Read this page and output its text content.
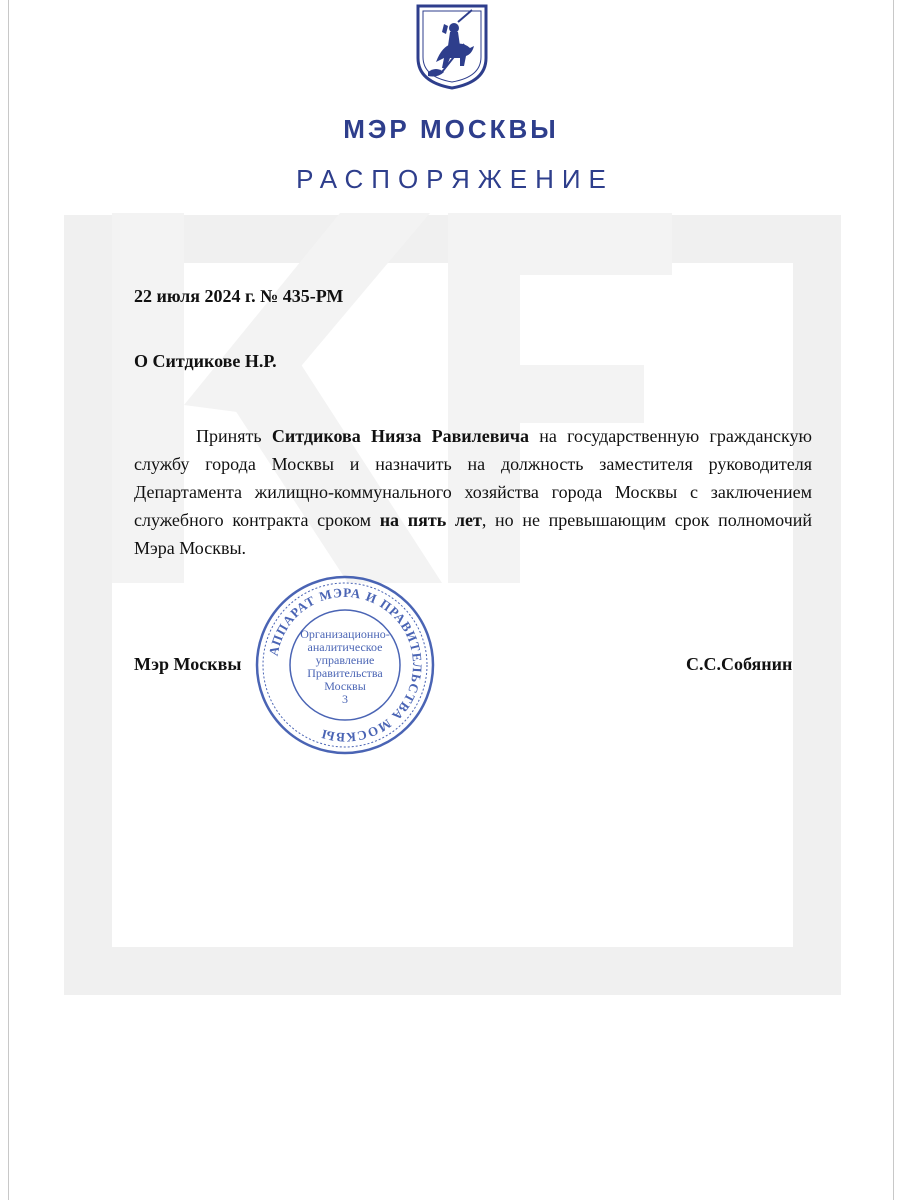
МЭР МОСКВЫ
РАСПОРЯЖЕНИЕ
22 июля 2024 г. № 435-РМ
О Ситдикове Н.Р.
Принять Ситдикова Нияза Равилевича на государственную гражданскую службу города Москвы и назначить на должность заместителя руководителя Департамента жилищно-коммунального хозяйства города Москвы с заключением служебного контракта сроком на пять лет, но не превышающим срок полномочий Мэра Москвы.
Мэр Москвы	С.С.Собянин
АППАРАТ МЭРА И ПРАВИТЕЛЬСТВА МОСКВЫ
Организационно-
аналитическое
управление
Правительства
Москвы
3
